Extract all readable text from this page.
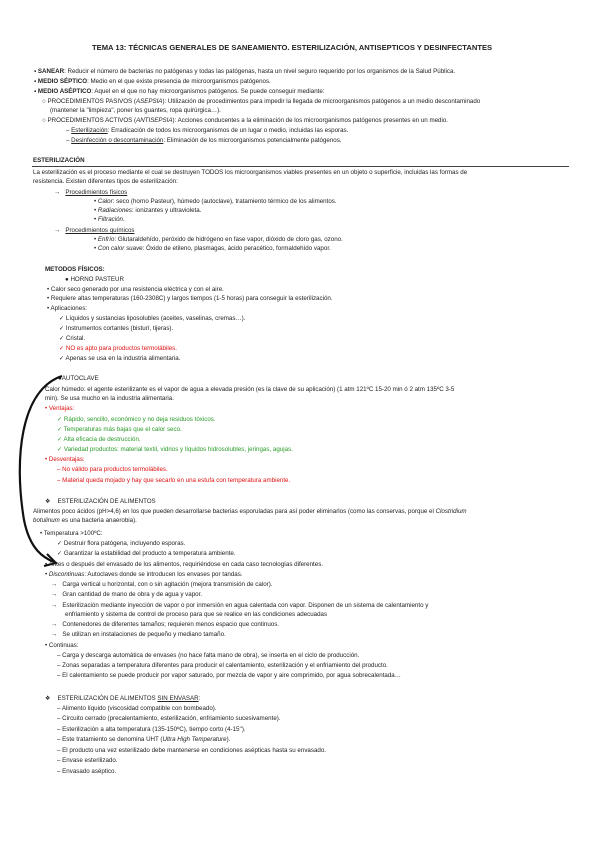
TEMA 13: TÉCNICAS GENERALES DE SANEAMIENTO. ESTERILIZACIÓN, ANTISEPTICOS Y DESINFECTANTES
▪ SANEAR: Reducir el número de bacterias no patógenas y todas las patógenas, hasta un nivel seguro requerido por los organismos de la Salud Pública.
▪ MEDIO SÉPTICO: Medio en el que existe presencia de microorganismos patógenos.
▪ MEDIO ASÉPTICO: Aquel en el que no hay microorganismos patógenos. Se puede conseguir mediante:
○ PROCEDIMIENTOS PASIVOS (ASEPSIA): Utilización de procedimientos para impedir la llegada de microorganismos patógenos a un medio descontaminado
(mantener la "limpieza", poner los guantes, ropa quirúrgica…).
○ PROCEDIMIENTOS ACTIVOS (ANTISEPSIA): Acciones conducentes a la eliminación de los microorganismos patógenos presentes en un medio.
– Esterilización: Erradicación de todos los microorganismos de un lugar o medio, incluidas las esporas.
– Desinfección o descontaminación: Eliminación de los microorganismos potencialmente patógenos.
ESTERILIZACIÓN
La esterilización es el proceso mediante el cual se destruyen TODOS los microorganismos viables presentes en un objeto o superficie, incluidas las formas de
resistencia. Existen diferentes tipos de esterilización:
→ Procedimientos físicos
• Calor: seco (horno Pasteur), húmedo (autoclave), tratamiento térmico de los alimentos.
• Radiaciones: ionizantes y ultravioleta.
• Filtración.
→ Procedimientos químicos
• Enfrío: Glutaraldehído, peróxido de hidrógeno en fase vapor, dióxido de cloro gas, ozono.
• Con calor suave: Óxido de etileno, plasmagas, ácido peracético, formaldehído vapor.
METODOS FÍSICOS:
● HORNO PASTEUR
• Calor seco generado por una resistencia eléctrica y con el aire.
• Requiere altas temperaturas (160-2308C) y largos tiempos (1-5 horas) para conseguir la esterilización.
• Aplicaciones:
✓ Líquidos y sustancias liposolubles (aceites, vaselinas, cremas…).
✓ Instrumentos cortantes (bisturí, tijeras).
✓ Cristal.
✓ NO es apto para productos termolábiles.
✓ Apenas se usa en la industria alimentaria.
●AUTOCLAVE
Calor húmedo: el agente esterilizante es el vapor de agua a elevada presión (es la clave de su aplicación) (1 atm 121ºC 15-20 min ó 2 atm 135ºC 3-5
min). Se usa mucho en la industria alimentaria.
• Ventajas:
✓ Rápido, sencillo, económico y no deja residuos tóxicos.
✓ Temperaturas más bajas que el calor seco.
✓ Alta eficacia de destrucción.
✓ Variedad productos: material textil, vidrios y líquidos hidrosolubles, jeringas, agujas.
• Desventajas:
– No válido para productos termolábiles.
– Material queda mojado y hay que secarlo en una estufa con temperatura ambiente.
❖ ESTERILIZACIÓN DE ALIMENTOS
Alimentos poco ácidos (pH>4,6) en los que pueden desarrollarse bacterias esporuladas para así poder eliminarlos (como las conservas, porque el Clostridium
botulinum es una bacteria anaerobia).
• Temperatura >100ºC:
✓ Destruir flora patógena, incluyendo esporas.
✓ Garantizar la estabilidad del producto a temperatura ambiente.
• Antes o después del envasado de los alimentos, requiriéndose en cada caso tecnologías diferentes.
• Discontinuas: Autoclaves donde se introducen los envases por tandas.
→ Carga vertical u horizontal, con o sin agitación (mejora transmisión de calor).
→ Gran cantidad de mano de obra y de agua y vapor.
→ Esterilización mediante inyección de vapor o por inmersión en agua calentada con vapor. Disponen de un sistema de calentamiento y
enfriamiento y sistema de control de proceso para que se realice en las condiciones adecuadas
→ Contenedores de diferentes tamaños; requieren menos espacio que continuos.
→ Se utilizan en instalaciones de pequeño y mediano tamaño.
• Continuas:
– Carga y descarga automática de envases (no hace falta mano de obra), se inserta en el ciclo de producción.
– Zonas separadas a temperatura diferentes para producir el calentamiento, esterilización y el enfriamiento del producto.
– El calentamiento se puede producir por vapor saturado, por mezcla de vapor y aire comprimido, por agua sobrecalentada…
❖ ESTERILIZACIÓN DE ALIMENTOS SIN ENVASAR:
– Alimento líquido (viscosidad compatible con bombeado).
– Circuito cerrado (precalentamiento, esterilización, enfriamiento sucesivamente).
– Esterilización a alta temperatura (135-150ºC), tiempo corto (4-15'').
– Este tratamiento se denomina UHT (Ultra High Temperature).
– El producto una vez esterilizado debe mantenerse en condiciones asépticas hasta su envasado.
– Envase esterilizado.
– Envasado aséptico.
